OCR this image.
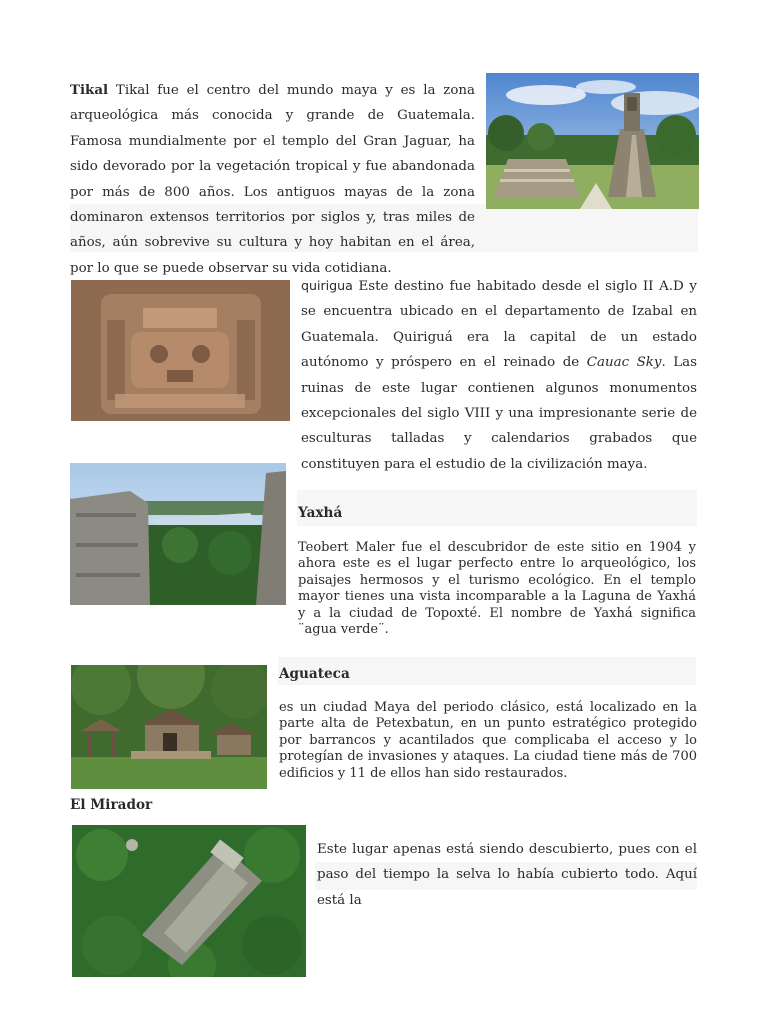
Tikal Tikal fue el centro del mundo maya y es la zona arqueológica más conocida y grande de Guatemala. Famosa mundialmente por el templo del Gran Jaguar, ha sido devorado por la vegetación tropical y fue abandonada por más de 800 años. Los antiguos mayas de la zona dominaron extensos territorios por siglos y, tras miles de años, aún sobrevive su cultura y hoy habitan en el área, por lo que se puede observar su vida cotidiana.

quirigua Este destino fue habitado desde el siglo II A.D y se encuentra ubicado en el departamento de Izabal en Guatemala. Quiriguá era la capital de un estado autónomo y próspero en el reinado de Cauac Sky. Las ruinas de este lugar contienen algunos monumentos excepcionales del siglo VIII y una impresionante serie de esculturas talladas y calendarios grabados que constituyen para el estudio de la civilización maya.

Yaxhá

Teobert Maler fue el descubridor de este sitio en 1904 y ahora este es el lugar perfecto entre lo arqueológico, los paisajes hermosos y el turismo ecológico. En el templo mayor tienes una vista incomparable a la Laguna de Yaxhá y a la ciudad de Topoxté. El nombre de Yaxhá significa ¨agua verde¨.

Aguateca

es un ciudad Maya del periodo clásico, está localizado en la parte alta de Petexbatun, en un punto estratégico protegido por barrancos y acantilados que complicaba el acceso y lo protegían de invasiones y ataques. La ciudad tiene más de 700 edificios y 11 de ellos han sido restaurados.

El Mirador

Este lugar apenas está siendo descubierto, pues con el paso del tiempo la selva lo había cubierto todo. Aquí está la
